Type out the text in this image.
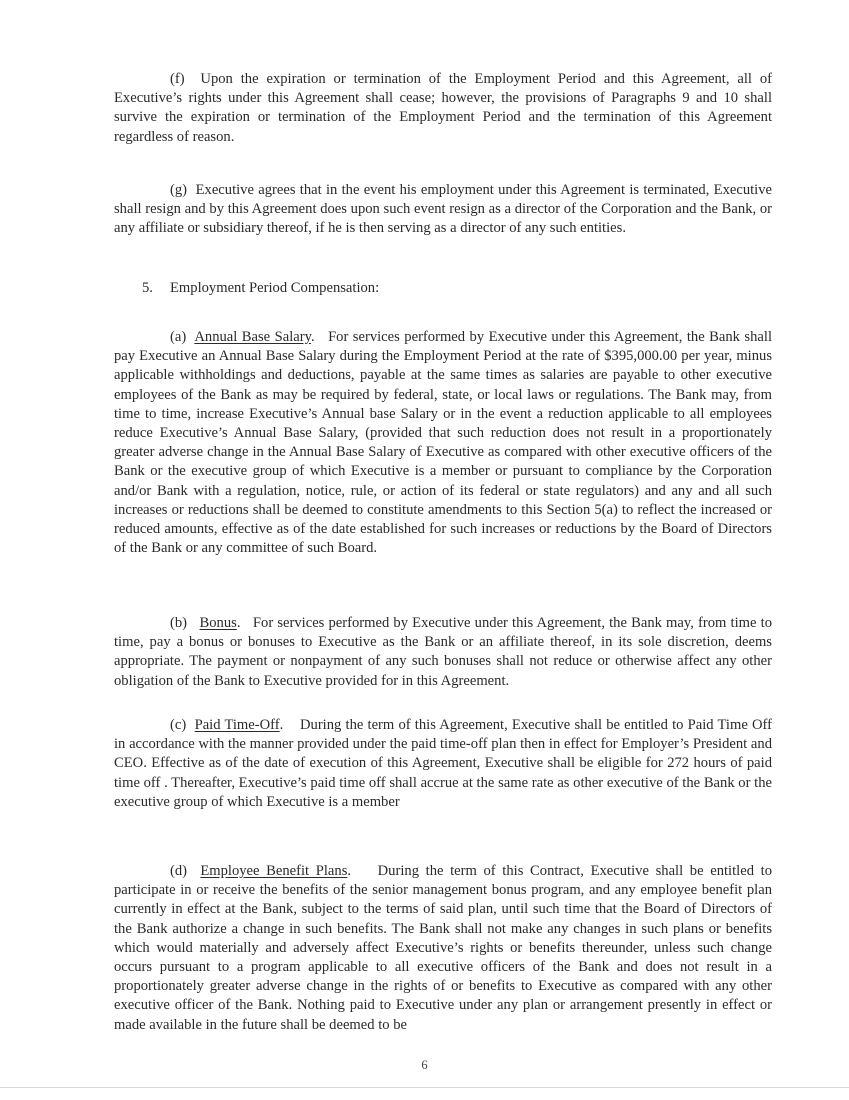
(f) Upon the expiration or termination of the Employment Period and this Agreement, all of Executive’s rights under this Agreement shall cease; however, the provisions of Paragraphs 9 and 10 shall survive the expiration or termination of the Employment Period and the termination of this Agreement regardless of reason.

(g) Executive agrees that in the event his employment under this Agreement is terminated, Executive shall resign and by this Agreement does upon such event resign as a director of the Corporation and the Bank, or any affiliate or subsidiary thereof, if he is then serving as a director of any such entities.

5. Employment Period Compensation:

(a) Annual Base Salary.   For services performed by Executive under this Agreement, the Bank shall pay Executive an Annual Base Salary during the Employment Period at the rate of $395,000.00 per year, minus applicable withholdings and deductions, payable at the same times as salaries are payable to other executive employees of the Bank as may be required by federal, state, or local laws or regulations. The Bank may, from time to time, increase Executive’s Annual base Salary or in the event a reduction applicable to all employees reduce Executive’s Annual Base Salary, (provided that such reduction does not result in a proportionately greater adverse change in the Annual Base Salary of Executive as compared with other executive officers of the Bank or the executive group of which Executive is a member or pursuant to compliance by the Corporation and/or Bank with a regulation, notice, rule, or action of its federal or state regulators) and any and all such increases or reductions shall be deemed to constitute amendments to this Section 5(a) to reflect the increased or reduced amounts, effective as of the date established for such increases or reductions by the Board of Directors of the Bank or any committee of such Board.

(b) Bonus.   For services performed by Executive under this Agreement, the Bank may, from time to time, pay a bonus or bonuses to Executive as the Bank or an affiliate thereof, in its sole discretion, deems appropriate. The payment or nonpayment of any such bonuses shall not reduce or otherwise affect any other obligation of the Bank to Executive provided for in this Agreement.

(c) Paid Time-Off.    During the term of this Agreement, Executive shall be entitled to Paid Time Off in accordance with the manner provided under the paid time-off plan then in effect for Employer’s President and CEO. Effective as of the date of execution of this Agreement, Executive shall be eligible for 272 hours of paid time off . Thereafter, Executive’s paid time off shall accrue at the same rate as other executive of the Bank or the executive group of which Executive is a member

(d) Employee Benefit Plans.    During the term of this Contract, Executive shall be entitled to participate in or receive the benefits of the senior management bonus program, and any employee benefit plan currently in effect at the Bank, subject to the terms of said plan, until such time that the Board of Directors of the Bank authorize a change in such benefits. The Bank shall not make any changes in such plans or benefits which would materially and adversely affect Executive’s rights or benefits thereunder, unless such change occurs pursuant to a program applicable to all executive officers of the Bank and does not result in a proportionately greater adverse change in the rights of or benefits to Executive as compared with any other executive officer of the Bank. Nothing paid to Executive under any plan or arrangement presently in effect or made available in the future shall be deemed to be

6
